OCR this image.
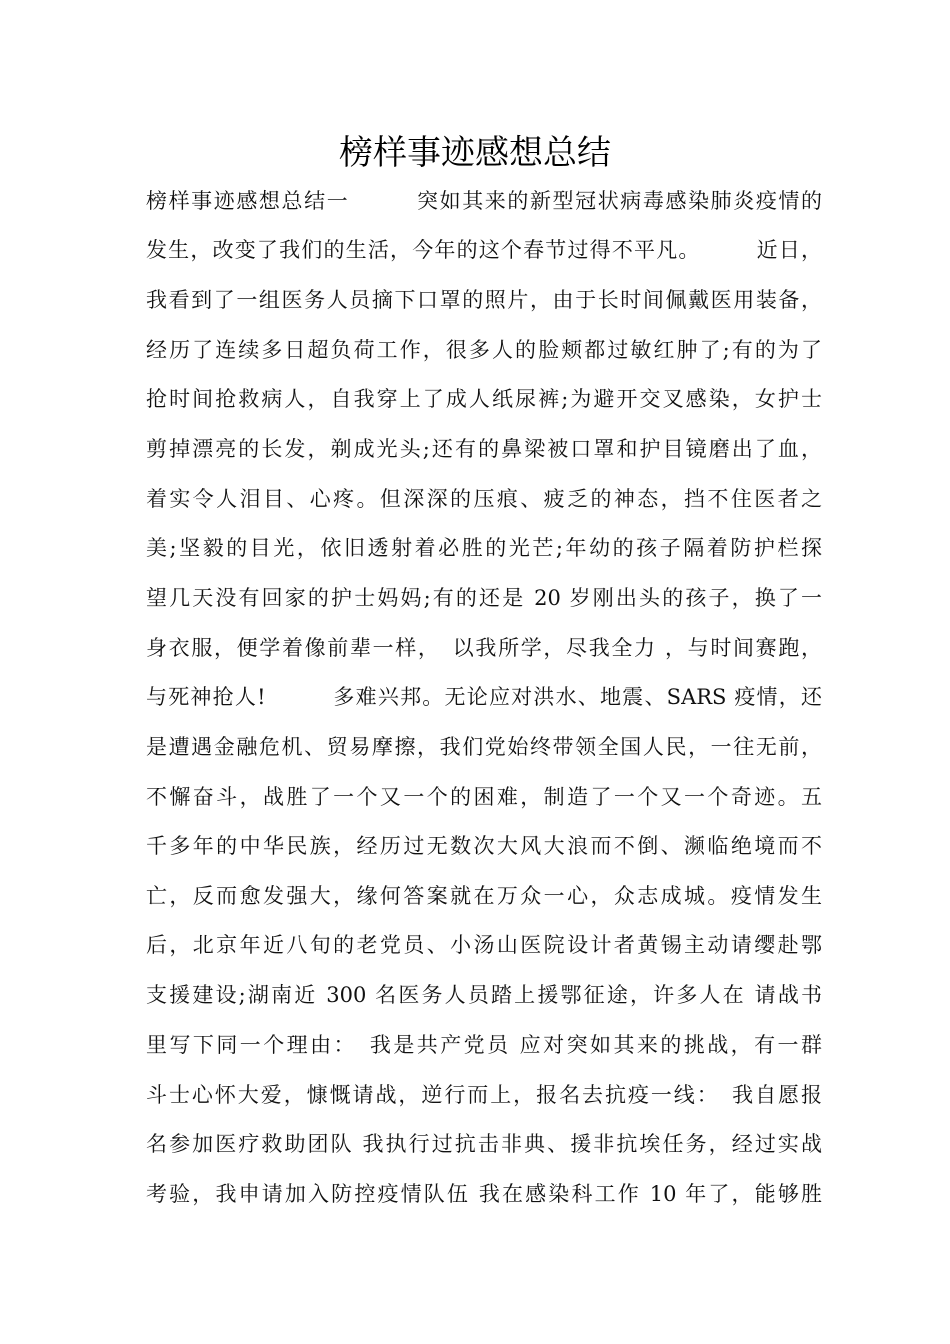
榜样事迹感想总结
榜样事迹感想总结一　　　突如其来的新型冠状病毒感染肺炎疫情的
发生，改变了我们的生活，今年的这个春节过得不平凡。　　　近日，
我看到了一组医务人员摘下口罩的照片，由于长时间佩戴医用装备，
经历了连续多日超负荷工作，很多人的脸颊都过敏红肿了;有的为了
抢时间抢救病人，自我穿上了成人纸尿裤;为避开交叉感染，女护士
剪掉漂亮的长发，剃成光头;还有的鼻梁被口罩和护目镜磨出了血，
着实令人泪目、心疼。但深深的压痕、疲乏的神态，挡不住医者之
美;坚毅的目光，依旧透射着必胜的光芒;年幼的孩子隔着防护栏探
望几天没有回家的护士妈妈;有的还是 20 岁刚出头的孩子，换了一
身衣服，便学着像前辈一样，　以我所学，尽我全力 ，与时间赛跑，
与死神抢人!　　　多难兴邦。无论应对洪水、地震、SARS 疫情，还
是遭遇金融危机、贸易摩擦，我们党始终带领全国人民，一往无前，
不懈奋斗，战胜了一个又一个的困难，制造了一个又一个奇迹。五
千多年的中华民族，经历过无数次大风大浪而不倒、濒临绝境而不
亡，反而愈发强大，缘何答案就在万众一心，众志成城。疫情发生
后，北京年近八旬的老党员、小汤山医院设计者黄锡主动请缨赴鄂
支援建设;湖南近 300 名医务人员踏上援鄂征途，许多人在 请战书
里写下同一个理由：　我是共产党员 应对突如其来的挑战，有一群
斗士心怀大爱，慷慨请战，逆行而上，报名去抗疫一线：　我自愿报
名参加医疗救助团队 我执行过抗击非典、援非抗埃任务，经过实战
考验，我申请加入防控疫情队伍 我在感染科工作 10 年了，能够胜
